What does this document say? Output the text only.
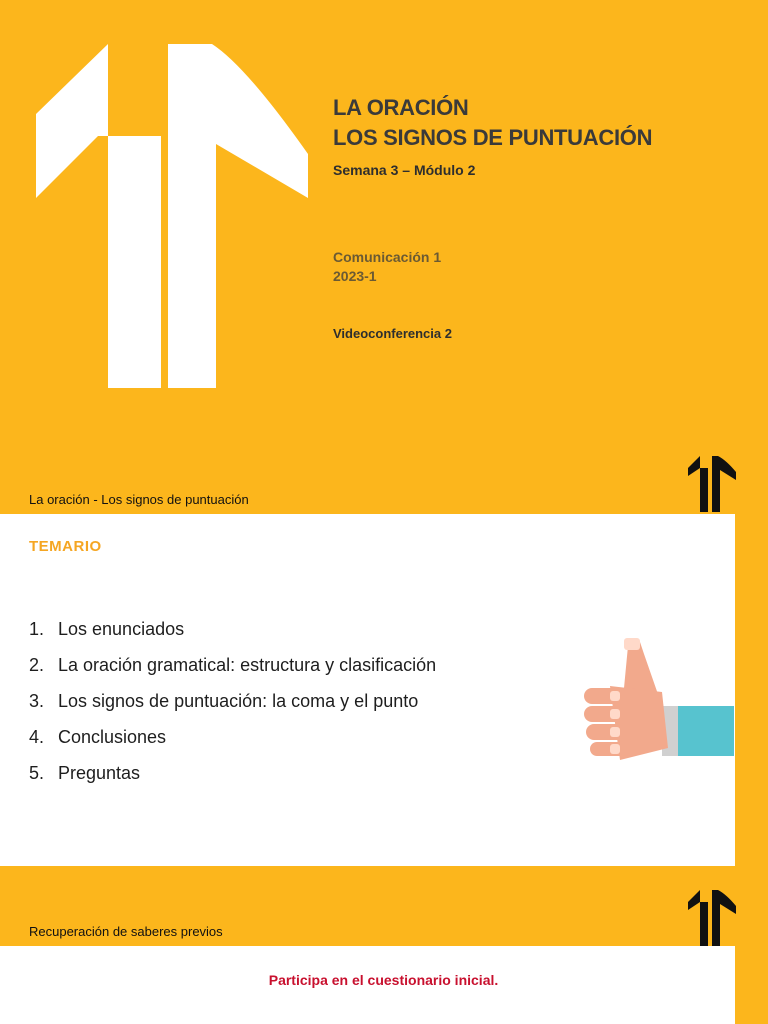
LA ORACIÓN
LOS SIGNOS DE PUNTUACIÓN
Semana 3 – Módulo 2
Comunicación 1
2023-1
Videoconferencia 2
La oración - Los signos de puntuación
TEMARIO
1. Los enunciados
2. La oración gramatical: estructura y clasificación
3. Los signos de puntuación: la coma y el punto
4. Conclusiones
5. Preguntas
Recuperación de saberes previos
Participa en el cuestionario inicial.
